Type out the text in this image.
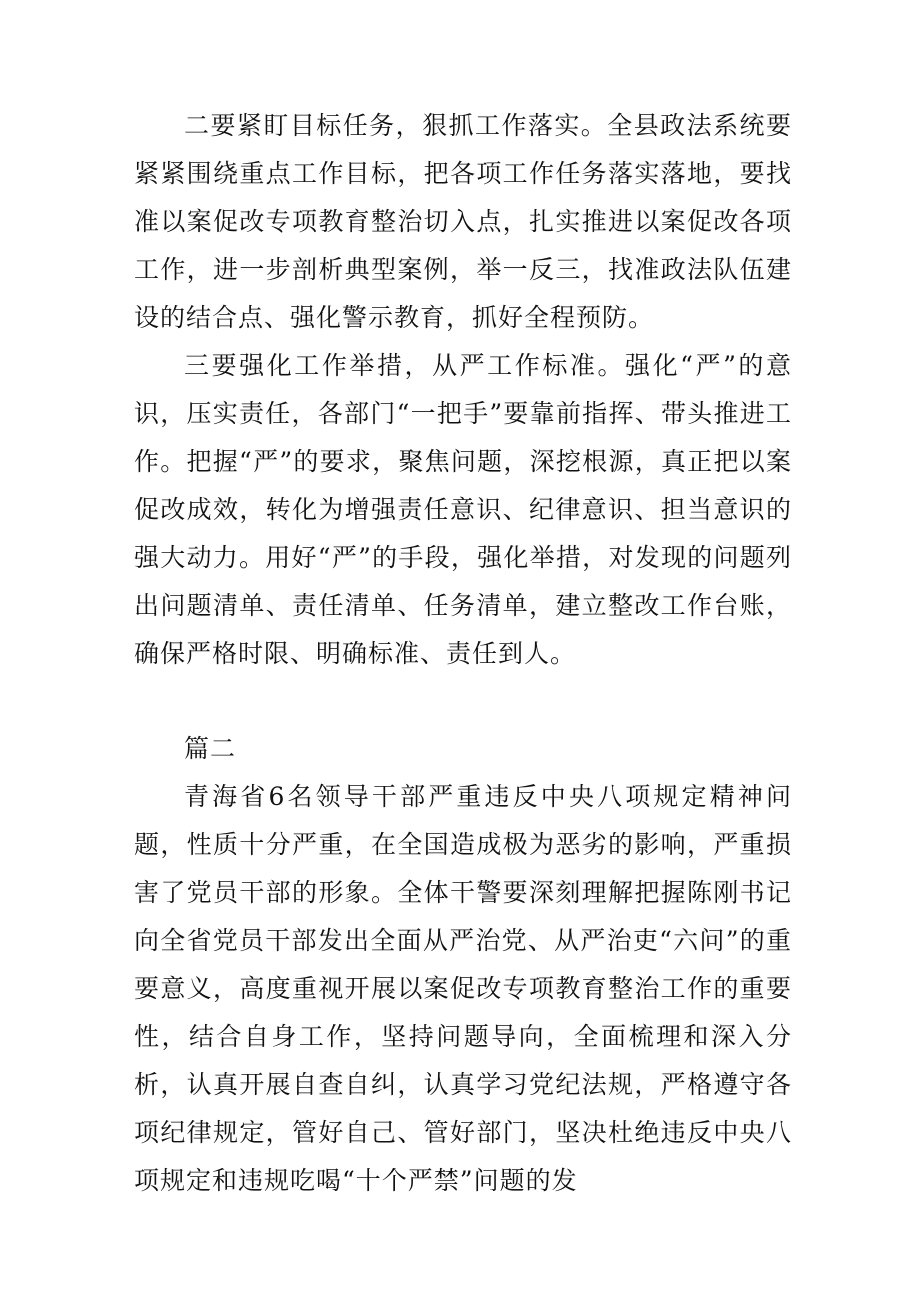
二要紧盯目标任务，狠抓工作落实。全县政法系统要紧紧围绕重点工作目标，把各项工作任务落实落地，要找准以案促改专项教育整治切入点，扎实推进以案促改各项工作，进一步剖析典型案例，举一反三，找准政法队伍建设的结合点、强化警示教育，抓好全程预防。

三要强化工作举措，从严工作标准。强化“严”的意识，压实责任，各部门“一把手”要靠前指挥、带头推进工作。把握“严”的要求，聚焦问题，深挖根源，真正把以案促改成效，转化为增强责任意识、纪律意识、担当意识的强大动力。用好“严”的手段，强化举措，对发现的问题列出问题清单、责任清单、任务清单，建立整改工作台账，确保严格时限、明确标准、责任到人。

篇二

青海省6名领导干部严重违反中央八项规定精神问题，性质十分严重，在全国造成极为恶劣的影响，严重损害了党员干部的形象。全体干警要深刻理解把握陈刚书记向全省党员干部发出全面从严治党、从严治吏“六问”的重要意义，高度重视开展以案促改专项教育整治工作的重要性，结合自身工作，坚持问题导向，全面梳理和深入分析，认真开展自查自纠，认真学习党纪法规，严格遵守各项纪律规定，管好自己、管好部门，坚决杜绝违反中央八项规定和违规吃喝“十个严禁”问题的发
